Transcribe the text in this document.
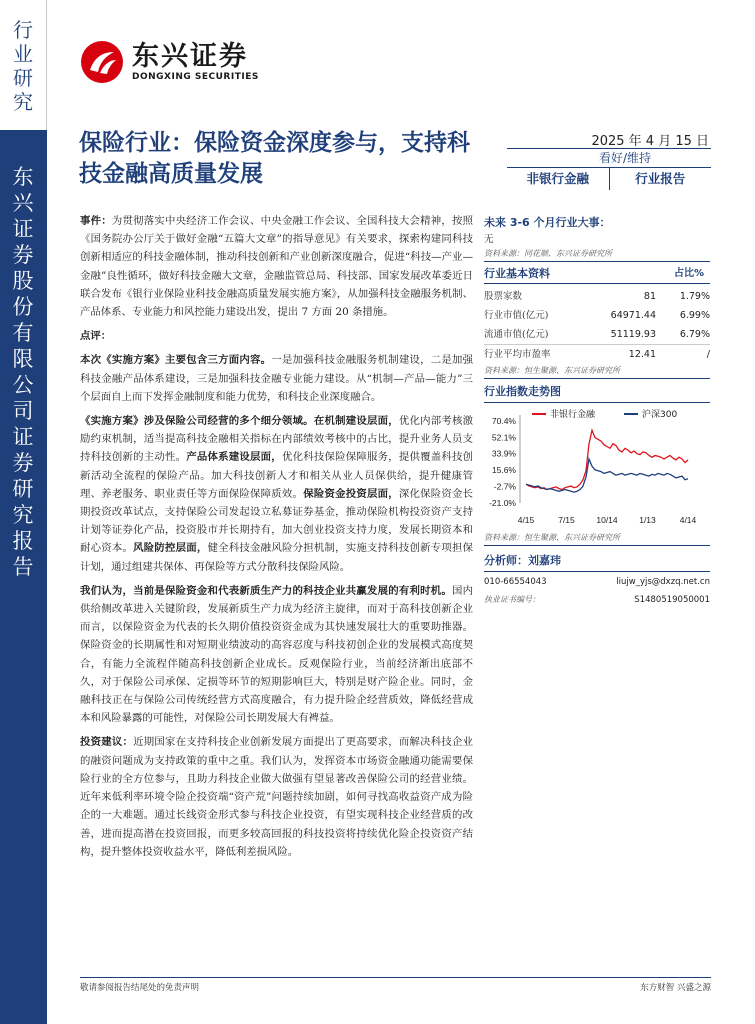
行业研究
东兴证券股份有限公司证券研究报告
东兴证券
DONGXING SECURITIES
保险行业：保险资金深度参与，支持科技金融高质量发展
2025 年 4 月 15 日
看好/维持
非银行金融	行业报告

事件：为贯彻落实中央经济工作会议、中央金融工作会议、全国科技大会精神，按照《国务院办公厅关于做好金融“五篇大文章”的指导意见》有关要求，探索构建同科技创新相适应的科技金融体制，推动科技创新和产业创新深度融合，促进“科技—产业—金融”良性循环，做好科技金融大文章，金融监管总局、科技部、国家发展改革委近日联合发布《银行业保险业科技金融高质量发展实施方案》，从加强科技金融服务机制、产品体系、专业能力和风控能力建设出发，提出 7 方面 20 条措施。

点评：

本次《实施方案》主要包含三方面内容。一是加强科技金融服务机制建设，二是加强科技金融产品体系建设，三是加强科技金融专业能力建设。从“机制—产品—能力”三个层面自上而下发挥金融制度和能力优势，和科技企业深度融合。

《实施方案》涉及保险公司经营的多个细分领域。在机制建设层面，优化内部考核激励约束机制，适当提高科技金融相关指标在内部绩效考核中的占比，提升业务人员支持科技创新的主动性。产品体系建设层面，优化科技保险保障服务，提供覆盖科技创新活动全流程的保险产品。加大科技创新人才和相关从业人员保供给，提升健康管理、养老服务、职业责任等方面保险保障质效。保险资金投资层面，深化保险资金长期投资改革试点，支持保险公司发起设立私募证券基金，推动保险机构投资资产支持计划等证券化产品，投资股市并长期持有，加大创业投资支持力度，发展长期资本和耐心资本。风险防控层面，健全科技金融风险分担机制，实施支持科技创新专项担保计划，通过组建共保体、再保险等方式分散科技保险风险。

我们认为，当前是保险资金和代表新质生产力的科技企业共赢发展的有利时机。国内供给侧改革进入关键阶段，发展新质生产力成为经济主旋律，而对于高科技创新企业而言，以保险资金为代表的长久期价值投资资金成为其快速发展壮大的重要助推器。保险资金的长期属性和对短期业绩波动的高容忍度与科技初创企业的发展模式高度契合，有能力全流程伴随高科技创新企业成长。反观保险行业，当前经济渐出底部不久，对于保险公司承保、定损等环节的短期影响巨大，特别是财产险企业。同时，金融科技正在与保险公司传统经营方式高度融合，有力提升险企经营质效，降低经营成本和风险暴露的可能性，对保险公司长期发展大有裨益。

投资建议：近期国家在支持科技企业创新发展方面提出了更高要求，而解决科技企业的融资问题成为支持政策的重中之重。我们认为，发挥资本市场资金融通功能需要保险行业的全方位参与，且助力科技企业做大做强有望显著改善保险公司的经营业绩。近年来低利率环境令险企投资端“资产荒”问题持续加剧，如何寻找高收益资产成为险企的一大难题。通过长线资金形式参与科技企业投资，有望实现科技企业经营质的改善，进而提高潜在投资回报，而更多较高回报的科技投资将持续优化险企投资资产结构，提升整体投资收益水平，降低利差损风险。

未来 3-6 个月行业大事：
无
资料来源：同花顺、东兴证券研究所
行业基本资料	占比%
股票家数	81	1.79%
行业市值(亿元)	64971.44	6.99%
流通市值(亿元)	51119.93	6.79%
行业平均市盈率	12.41	/
资料来源：恒生聚源、东兴证券研究所
行业指数走势图
70.4%
52.1%
33.9%
15.6%
-2.7%
-21.0%
4/15	7/15	10/14	1/13	4/14
非银行金融	沪深300
资料来源：恒生聚源、东兴证券研究所
分析师：刘嘉玮
010-66554043	liujw_yjs@dxzq.net.cn
执业证书编号：	S1480519050001
敬请参阅报告结尾处的免责声明	东方财智 兴盛之源
